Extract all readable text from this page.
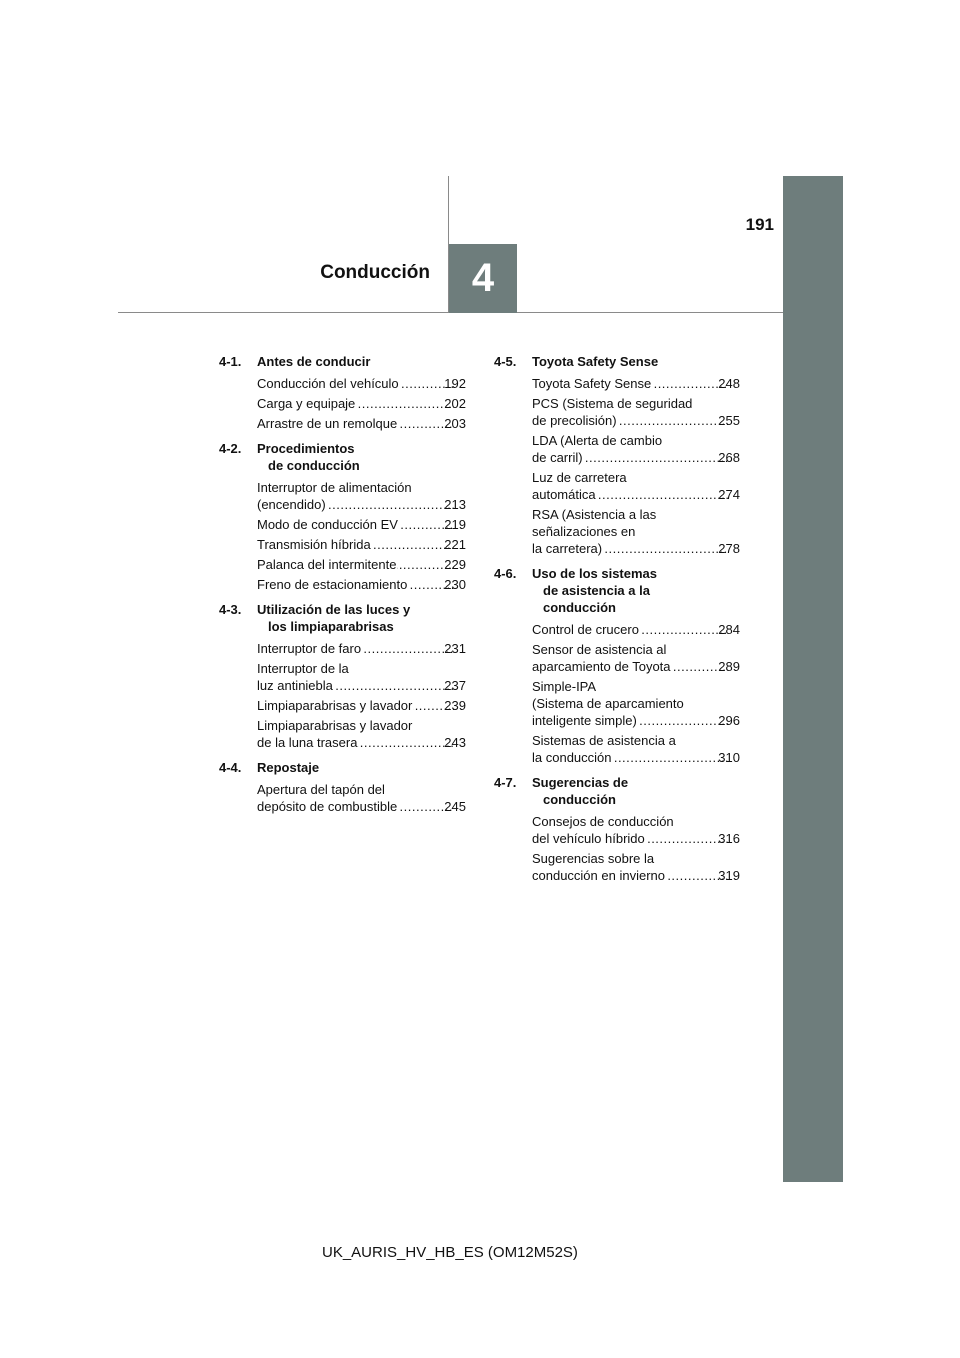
191
Conducción 4
4-1.	Antes de conducir
Conducción del vehículo .....	192
Carga y equipaje .....	202
Arrastre de un remolque .....	203
4-2.	Procedimientos
de conducción
Interruptor de alimentación
(encendido) .....	213
Modo de conducción EV .....	219
Transmisión híbrida .....	221
Palanca del intermitente .....	229
Freno de estacionamiento .....	230
4-3.	Utilización de las luces y
los limpiaparabrisas
Interruptor de faro .....	231
Interruptor de la
luz antiniebla .....	237
Limpiaparabrisas y lavador ..... 239
Limpiaparabrisas y lavador
de la luna trasera .....	243
4-4.	Repostaje
Apertura del tapón del
depósito de combustible .....	245
4-5.	Toyota Safety Sense
Toyota Safety Sense .....	248
PCS (Sistema de seguridad
de precolisión) .....	255
LDA (Alerta de cambio
de carril) .....	268
Luz de carretera
automática .....	274
RSA (Asistencia a las
señalizaciones en
la carretera) .....	278
4-6.	Uso de los sistemas
de asistencia a la
conducción
Control de crucero .....	284
Sensor de asistencia al
aparcamiento de Toyota .....	289
Simple-IPA
(Sistema de aparcamiento
inteligente simple) .....	296
Sistemas de asistencia a
la conducción .....	310
4-7.	Sugerencias de
conducción
Consejos de conducción
del vehículo híbrido .....	316
Sugerencias sobre la
conducción en invierno .....	319
UK_AURIS_HV_HB_ES (OM12M52S)
